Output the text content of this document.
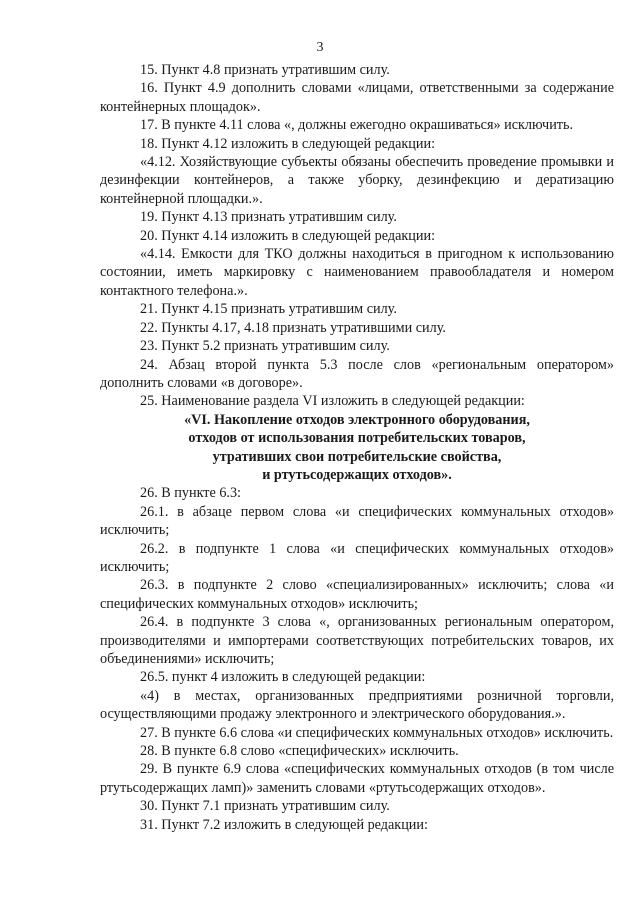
3

15. Пункт 4.8 признать утратившим силу.

16. Пункт 4.9 дополнить словами «лицами, ответственными за содержание контейнерных площадок».

17. В пункте 4.11 слова «, должны ежегодно окрашиваться» исключить.

18. Пункт 4.12 изложить в следующей редакции:

«4.12. Хозяйствующие субъекты обязаны обеспечить проведение промывки и дезинфекции контейнеров, а также уборку, дезинфекцию и дератизацию контейнерной площадки.».

19. Пункт 4.13 признать утратившим силу.

20. Пункт 4.14 изложить в следующей редакции:

«4.14. Емкости для ТКО должны находиться в пригодном к использованию состоянии, иметь маркировку с наименованием правообладателя и номером контактного телефона.».

21. Пункт 4.15 признать утратившим силу.

22. Пункты 4.17, 4.18 признать утратившими силу.

23. Пункт 5.2 признать утратившим силу.

24. Абзац второй пункта 5.3 после слов «региональным оператором» дополнить словами «в договоре».

25. Наименование раздела VI изложить в следующей редакции:

«VI. Накопление отходов электронного оборудования,

отходов от использования потребительских товаров,

утративших свои потребительские свойства,

и ртутьсодержащих отходов».

26. В пункте 6.3:

26.1. в абзаце первом слова «и специфических коммунальных отходов» исключить;

26.2. в подпункте 1 слова «и специфических коммунальных отходов» исключить;

26.3. в подпункте 2 слово «специализированных» исключить; слова «и специфических коммунальных отходов» исключить;

26.4. в подпункте 3 слова «, организованных региональным оператором, производителями и импортерами соответствующих потребительских товаров, их объединениями» исключить;

26.5. пункт 4 изложить в следующей редакции:

«4) в местах, организованных предприятиями розничной торговли, осуществляющими продажу электронного и электрического оборудования.».

27. В пункте 6.6 слова «и специфических коммунальных отходов» исключить.

28. В пункте 6.8 слово «специфических» исключить.

29. В пункте 6.9 слова «специфических коммунальных отходов (в том числе ртутьсодержащих ламп)» заменить словами «ртутьсодержащих отходов».

30. Пункт 7.1 признать утратившим силу.

31. Пункт 7.2 изложить в следующей редакции:
